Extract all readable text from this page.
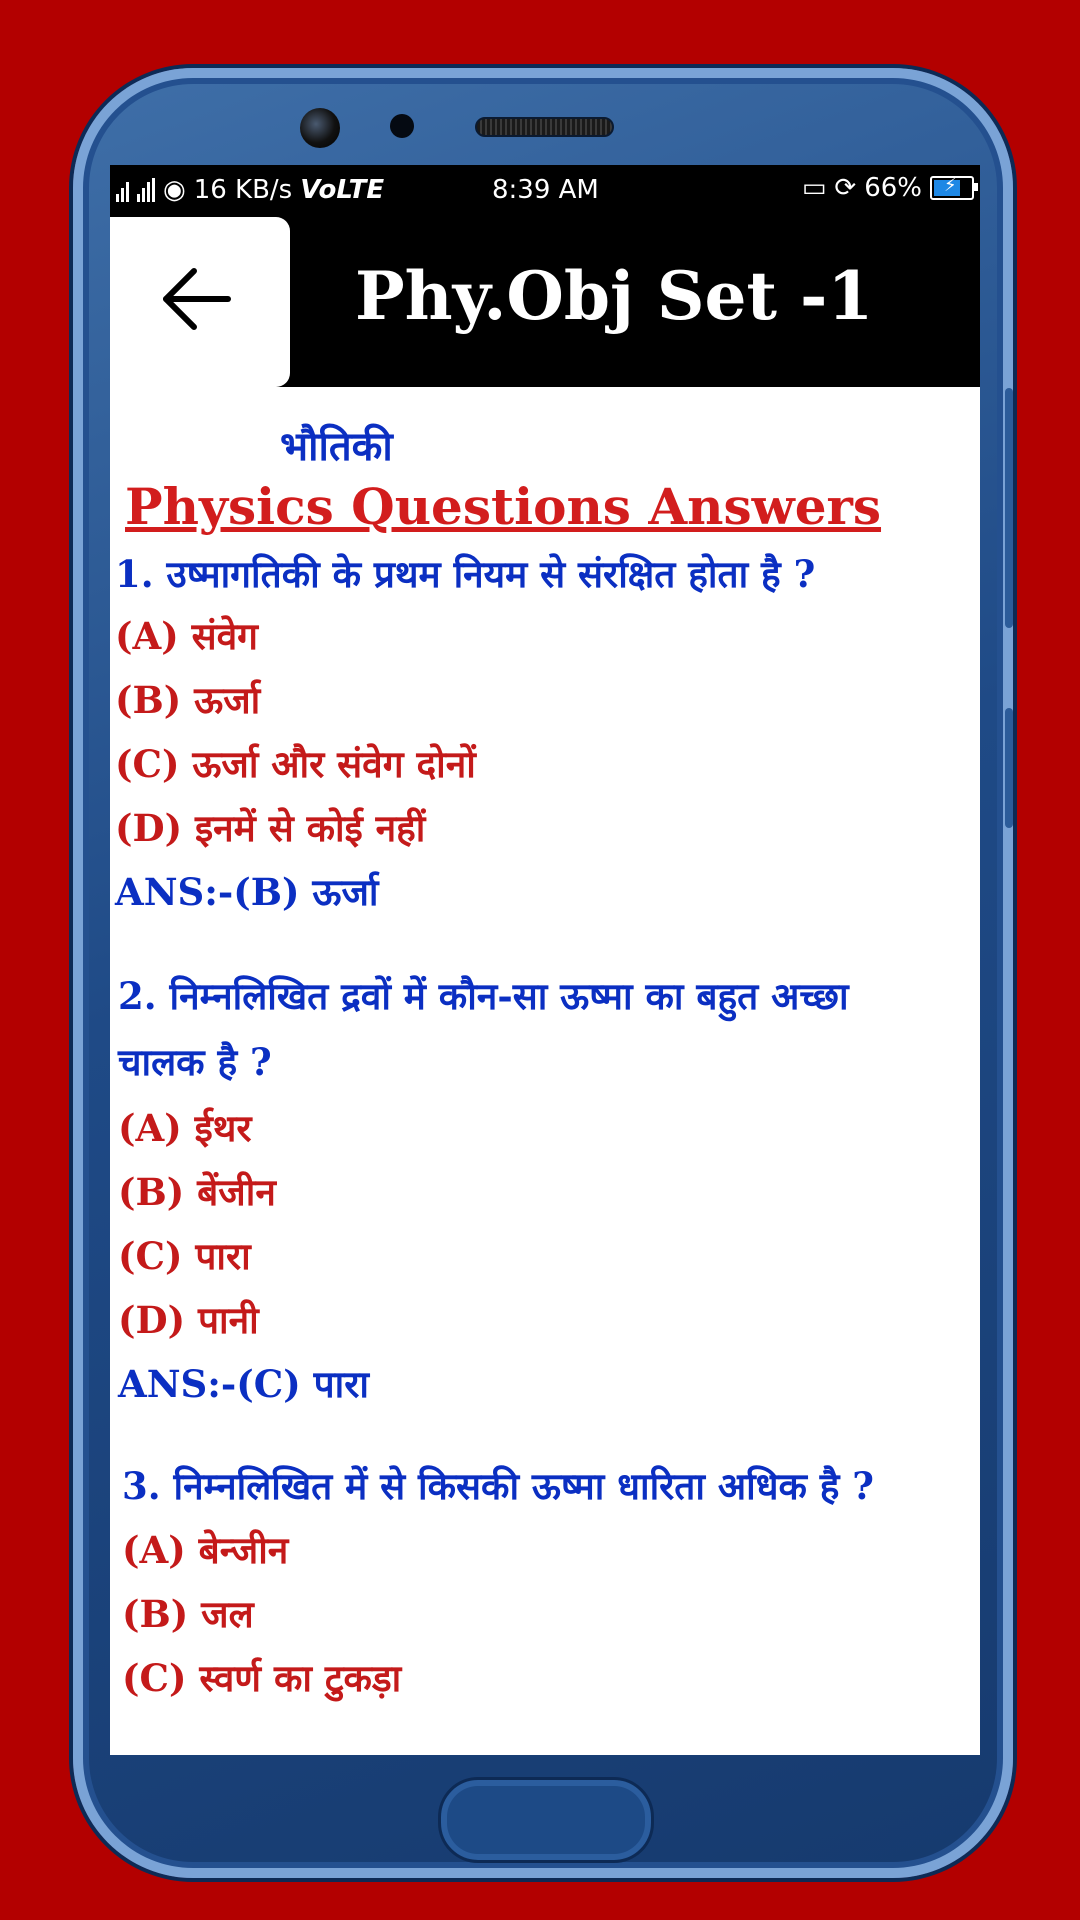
◉ 16 KB/s VoLTE	8:39 AM	▭ ⟳ 66% ⚡
Phy.Obj Set -1
भौतिकी
Physics Questions Answers
1. उष्मागतिकी के प्रथम नियम से संरक्षित होता है ?
(A) संवेग
(B) ऊर्जा
(C) ऊर्जा और संवेग दोनों
(D) इनमें से कोई नहीं
ANS:-(B) ऊर्जा
2. निम्नलिखित द्रवों में कौन-सा ऊष्मा का बहुत अच्छा
चालक है ?
(A) ईथर
(B) बेंजीन
(C) पारा
(D) पानी
ANS:-(C) पारा
3. निम्नलिखित में से किसकी ऊष्मा धारिता अधिक है ?
(A) बेन्जीन
(B) जल
(C) स्वर्ण का टुकड़ा
